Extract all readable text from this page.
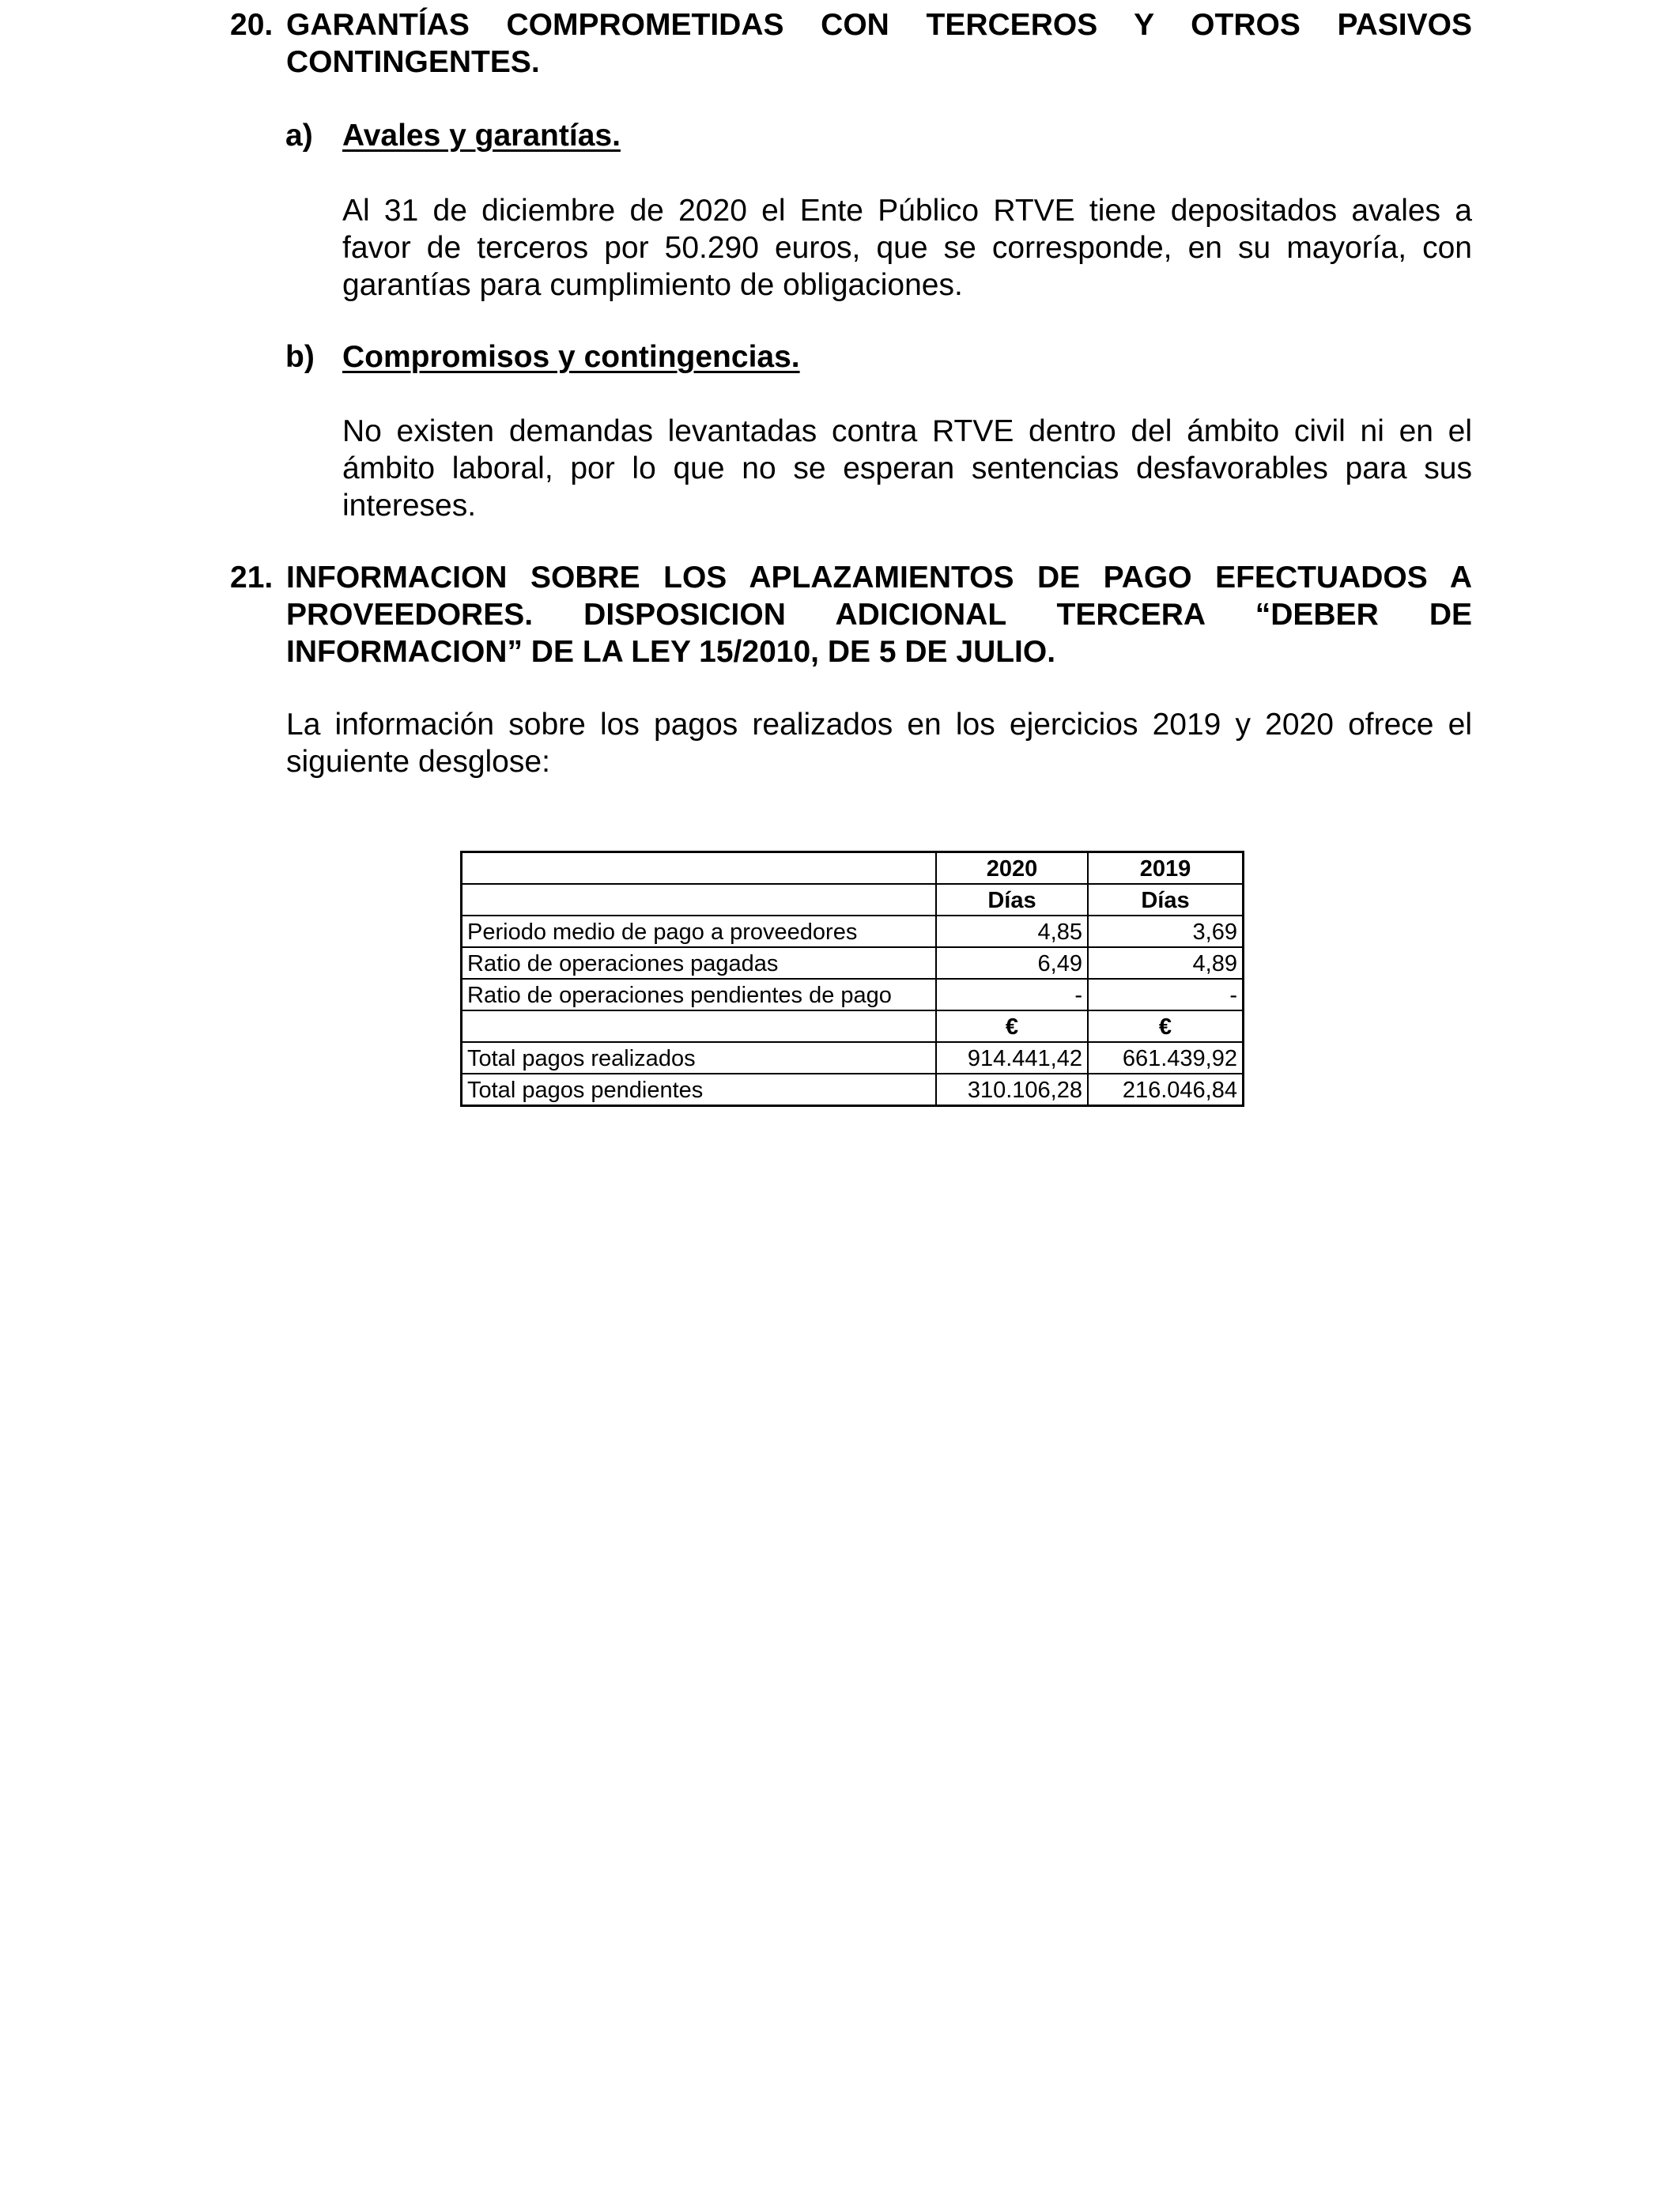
20. GARANTÍAS COMPROMETIDAS CON TERCEROS Y OTROS PASIVOS
CONTINGENTES.
a) Avales y garantías.
Al 31 de diciembre de 2020 el Ente Público RTVE tiene depositados avales a
favor de terceros por 50.290 euros, que se corresponde, en su mayoría, con
garantías para cumplimiento de obligaciones.
b) Compromisos y contingencias.
No existen demandas levantadas contra RTVE dentro del ámbito civil ni en el
ámbito laboral, por lo que no se esperan sentencias desfavorables para sus
intereses.
21. INFORMACION SOBRE LOS APLAZAMIENTOS DE PAGO EFECTUADOS A
PROVEEDORES. DISPOSICION ADICIONAL TERCERA “DEBER DE
INFORMACION” DE LA LEY 15/2010, DE 5 DE JULIO.
La información sobre los pagos realizados en los ejercicios 2019 y 2020 ofrece el
siguiente desglose:
	2020	2019
	Días	Días
Periodo medio de pago a proveedores	4,85	3,69
Ratio de operaciones pagadas	6,49	4,89
Ratio de operaciones pendientes de pago	-	-
	€	€
Total pagos realizados	914.441,42	661.439,92
Total pagos pendientes	310.106,28	216.046,84
